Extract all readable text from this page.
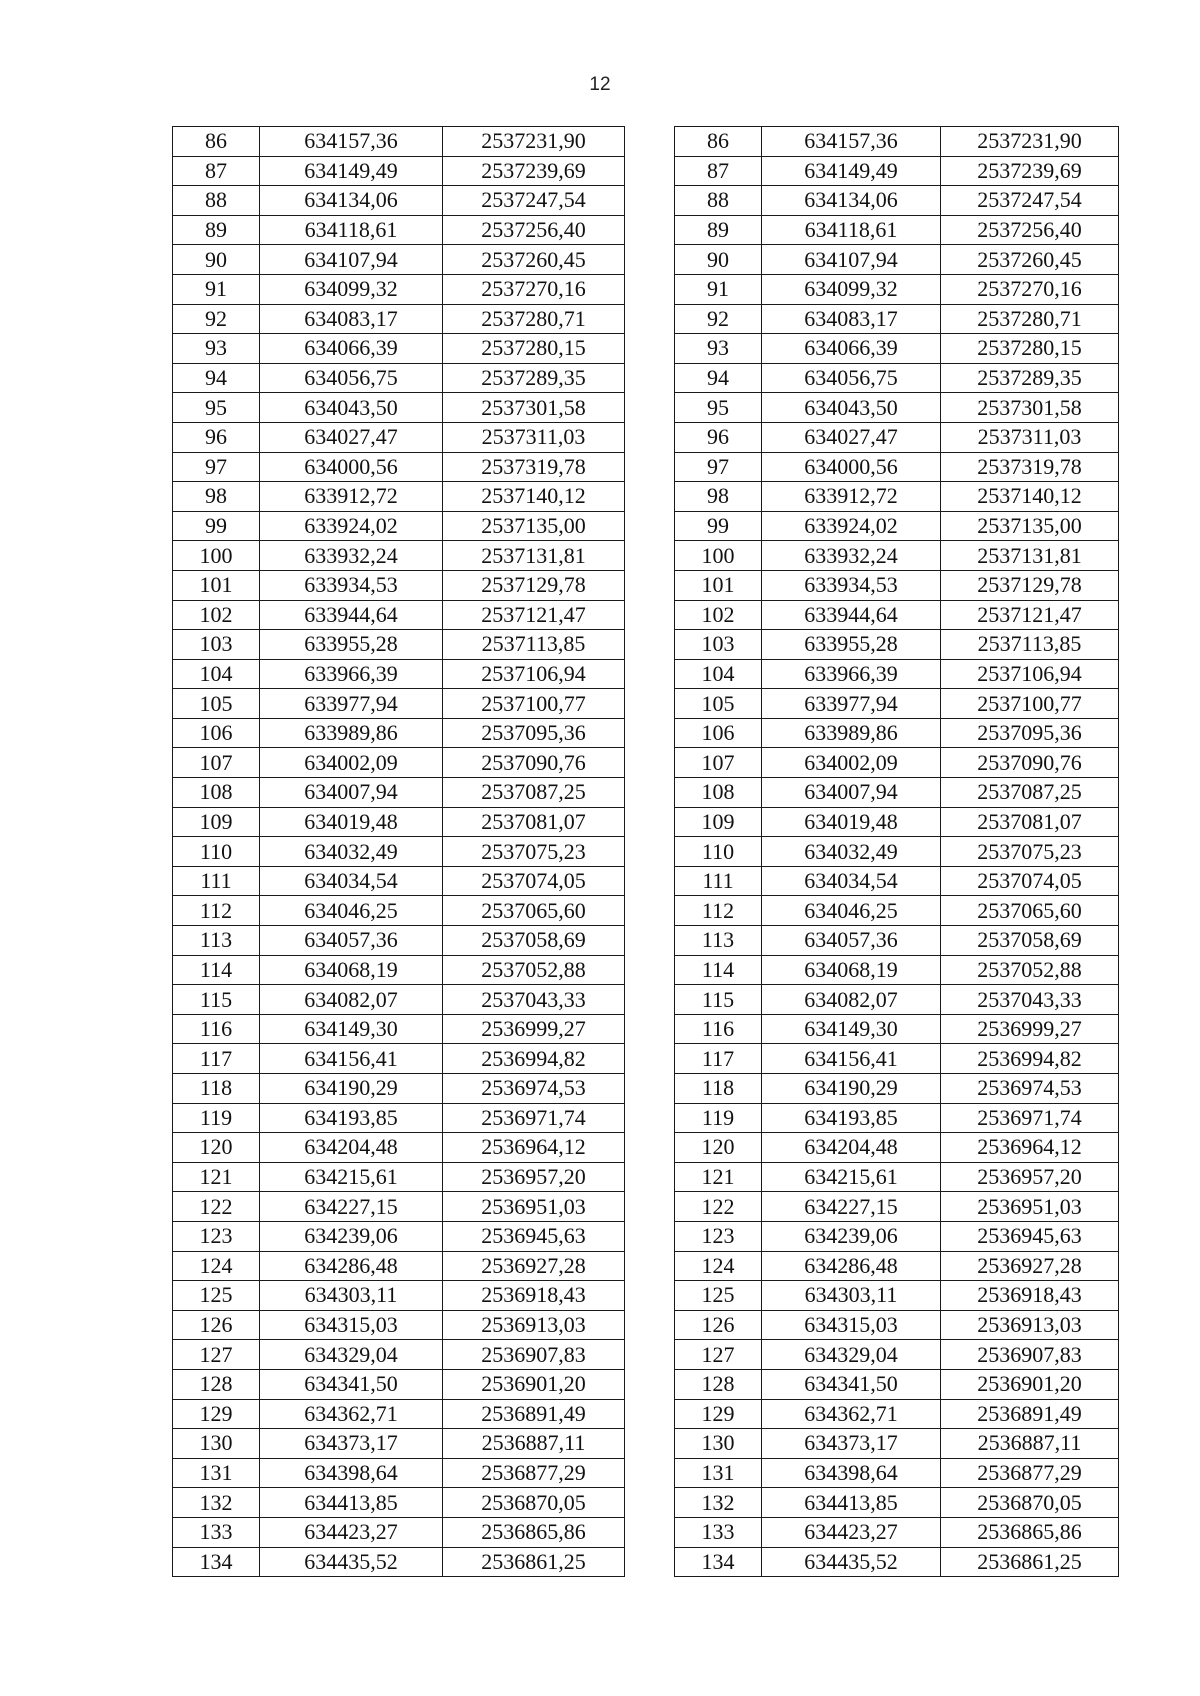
12
86	634157,36	2537231,90		86	634157,36	2537231,90
87	634149,49	2537239,69		87	634149,49	2537239,69
88	634134,06	2537247,54		88	634134,06	2537247,54
89	634118,61	2537256,40		89	634118,61	2537256,40
90	634107,94	2537260,45		90	634107,94	2537260,45
91	634099,32	2537270,16		91	634099,32	2537270,16
92	634083,17	2537280,71		92	634083,17	2537280,71
93	634066,39	2537280,15		93	634066,39	2537280,15
94	634056,75	2537289,35		94	634056,75	2537289,35
95	634043,50	2537301,58		95	634043,50	2537301,58
96	634027,47	2537311,03		96	634027,47	2537311,03
97	634000,56	2537319,78		97	634000,56	2537319,78
98	633912,72	2537140,12		98	633912,72	2537140,12
99	633924,02	2537135,00		99	633924,02	2537135,00
100	633932,24	2537131,81		100	633932,24	2537131,81
101	633934,53	2537129,78		101	633934,53	2537129,78
102	633944,64	2537121,47		102	633944,64	2537121,47
103	633955,28	2537113,85		103	633955,28	2537113,85
104	633966,39	2537106,94		104	633966,39	2537106,94
105	633977,94	2537100,77		105	633977,94	2537100,77
106	633989,86	2537095,36		106	633989,86	2537095,36
107	634002,09	2537090,76		107	634002,09	2537090,76
108	634007,94	2537087,25		108	634007,94	2537087,25
109	634019,48	2537081,07		109	634019,48	2537081,07
110	634032,49	2537075,23		110	634032,49	2537075,23
111	634034,54	2537074,05		111	634034,54	2537074,05
112	634046,25	2537065,60		112	634046,25	2537065,60
113	634057,36	2537058,69		113	634057,36	2537058,69
114	634068,19	2537052,88		114	634068,19	2537052,88
115	634082,07	2537043,33		115	634082,07	2537043,33
116	634149,30	2536999,27		116	634149,30	2536999,27
117	634156,41	2536994,82		117	634156,41	2536994,82
118	634190,29	2536974,53		118	634190,29	2536974,53
119	634193,85	2536971,74		119	634193,85	2536971,74
120	634204,48	2536964,12		120	634204,48	2536964,12
121	634215,61	2536957,20		121	634215,61	2536957,20
122	634227,15	2536951,03		122	634227,15	2536951,03
123	634239,06	2536945,63		123	634239,06	2536945,63
124	634286,48	2536927,28		124	634286,48	2536927,28
125	634303,11	2536918,43		125	634303,11	2536918,43
126	634315,03	2536913,03		126	634315,03	2536913,03
127	634329,04	2536907,83		127	634329,04	2536907,83
128	634341,50	2536901,20		128	634341,50	2536901,20
129	634362,71	2536891,49		129	634362,71	2536891,49
130	634373,17	2536887,11		130	634373,17	2536887,11
131	634398,64	2536877,29		131	634398,64	2536877,29
132	634413,85	2536870,05		132	634413,85	2536870,05
133	634423,27	2536865,86		133	634423,27	2536865,86
134	634435,52	2536861,25		134	634435,52	2536861,25
